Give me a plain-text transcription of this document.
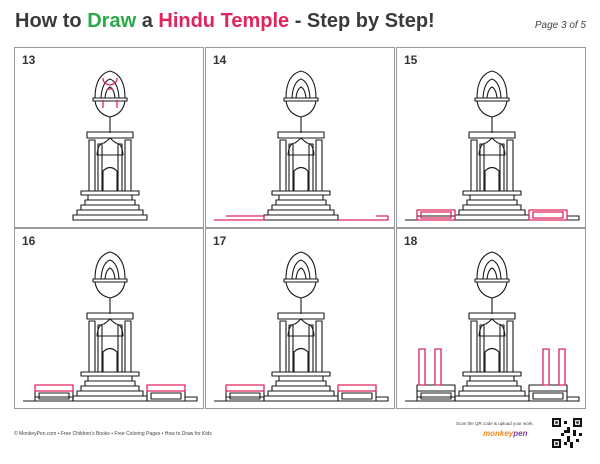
How to Draw a Hindu Temple - Step by Step!	Page 3 of 5
13	14	15
16	17	18
© MonkeyPen.com • Free Children's Books • Free Coloring Pages • How to Draw for Kids
Scan the QR code & upload your work.
monkeypen
